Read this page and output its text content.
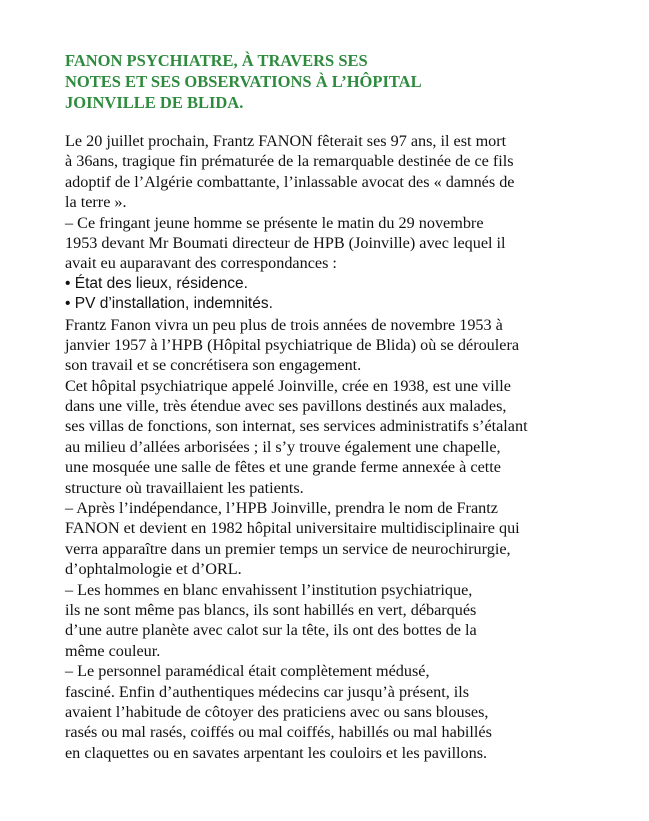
FANON PSYCHIATRE, À TRAVERS SES
NOTES ET SES OBSERVATIONS À L’HÔPITAL
JOINVILLE DE BLIDA.
Le 20 juillet prochain, Frantz FANON fêterait ses 97 ans, il est mort
à 36ans, tragique fin prématurée de la remarquable destinée de ce fils
adoptif de l’Algérie combattante, l’inlassable avocat des « damnés de
la terre ».
– Ce fringant jeune homme se présente le matin du 29 novembre
1953 devant Mr Boumati directeur de HPB (Joinville) avec lequel il
avait eu auparavant des correspondances :
• État des lieux, résidence.
• PV d’installation, indemnités.
Frantz Fanon vivra un peu plus de trois années de novembre 1953 à
janvier 1957 à l’HPB (Hôpital psychiatrique de Blida) où se déroulera
son travail et se concrétisera son engagement.
Cet hôpital psychiatrique appelé Joinville, crée en 1938, est une ville
dans une ville, très étendue avec ses pavillons destinés aux malades,
ses villas de fonctions, son internat, ses services administratifs s’étalant
au milieu d’allées arborisées ; il s’y trouve également une chapelle,
une mosquée une salle de fêtes et une grande ferme annexée à cette
structure où travaillaient les patients.
– Après l’indépendance, l’HPB Joinville, prendra le nom de Frantz
FANON et devient en 1982 hôpital universitaire multidisciplinaire qui
verra apparaître dans un premier temps un service de neurochirurgie,
d’ophtalmologie et d’ORL.
– Les hommes en blanc envahissent l’institution psychiatrique,
ils ne sont même pas blancs, ils sont habillés en vert, débarqués
d’une autre planète avec calot sur la tête, ils ont des bottes de la
même couleur.
– Le personnel paramédical était complètement médusé,
fasciné. Enfin d’authentiques médecins car jusqu’à présent, ils
avaient l’habitude de côtoyer des praticiens avec ou sans blouses,
rasés ou mal rasés, coiffés ou mal coiffés, habillés ou mal habillés
en claquettes ou en savates arpentant les couloirs et les pavillons.
